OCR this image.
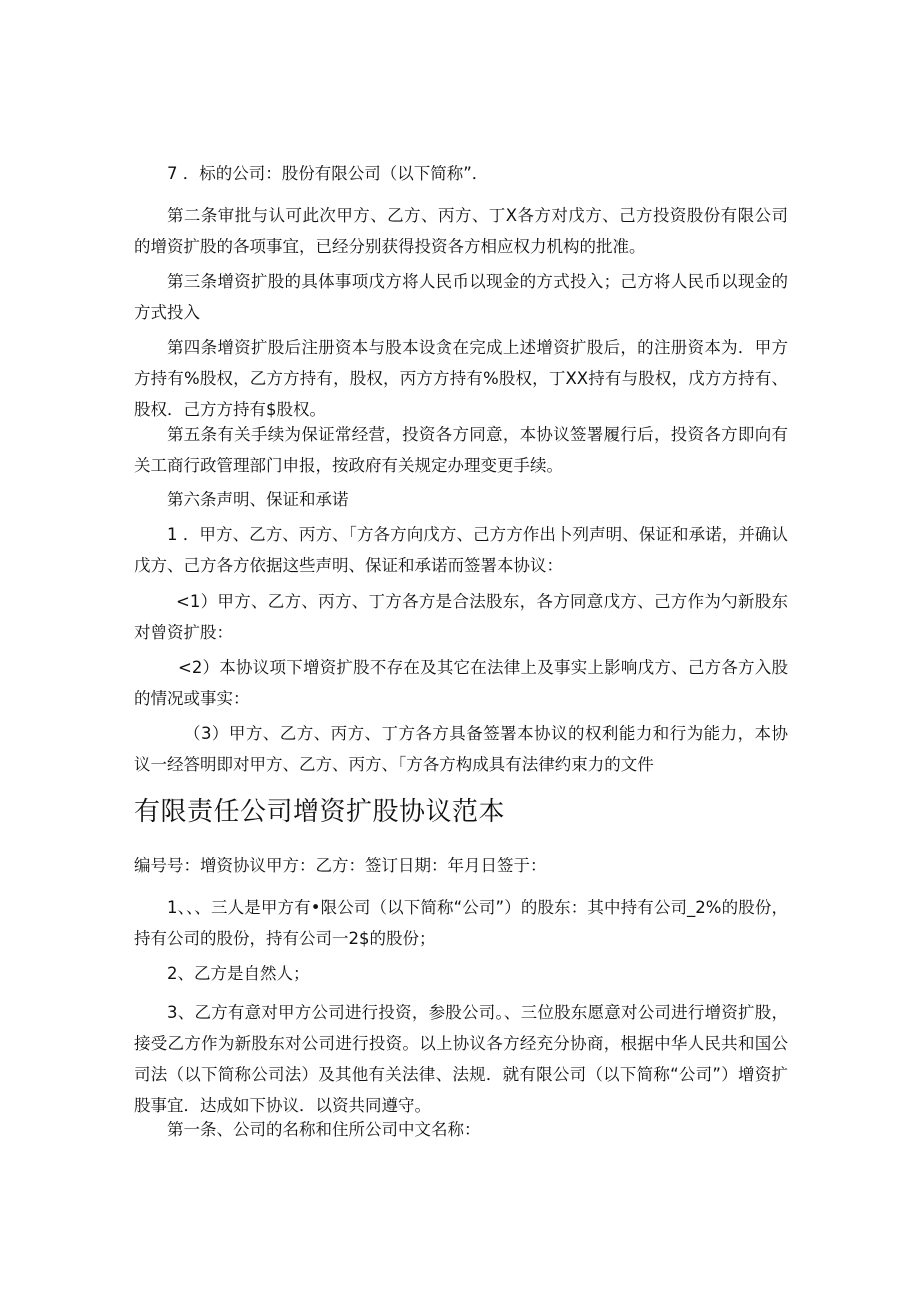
7 ．标的公司：股份有限公司（以下简称”．

第二条审批与认可此次甲方、乙方、丙方、丁X各方对戊方、己方投资股份有限公司的增资扩股的各项事宜，已经分别获得投资各方相应权力机构的批准。

第三条增资扩股的具体事项戊方将人民币以现金的方式投入；己方将人民币以现金的方式投入

第四条增资扩股后注册资本与股本设贪在完成上述增资扩股后，的注册资本为．甲方方持有%股权，乙方方持有，股权，丙方方持有%股权，丁XX持有与股权，戊方方持有、股权．己方方持有$股权。

第五条有关手续为保证常经营，投资各方同意，本协议签署履行后，投资各方即向有关工商行政管理部门申报，按政府有关规定办理变更手续。

第六条声明、保证和承诺

1 ．甲方、乙方、丙方、「方各方向戊方、己方方作出卜列声明、保证和承诺，并确认戊方、己方各方依据这些声明、保证和承诺而签署本协议：

<1）甲方、乙方、丙方、丁方各方是合法股东，各方同意戊方、己方作为勺新股东对曾资扩股：

<2）本协议项下增资扩股不存在及其它在法律上及事实上影响戊方、己方各方入股的情况或事实：

（3）甲方、乙方、丙方、丁方各方具备签署本协议的权利能力和行为能力，本协议一经答明即对甲方、乙方、丙方、「方各方构成具有法律约束力的文件

有限责任公司增资扩股协议范本

编号号：增资协议甲方：乙方：签订日期：年月日签于：

1、、、三人是甲方有•限公司（以下简称“公司”）的股东：其中持有公司_2%的股份，持有公司的股份，持有公司一2$的股份；

2、乙方是自然人；

3、乙方有意对甲方公司进行投资，参股公司。、三位股东愿意对公司进行增资扩股，接受乙方作为新股东对公司进行投资。以上协议各方经充分协商，根据中华人民共和国公司法（以下简称公司法）及其他有关法律、法规．就有限公司（以下简称“公司”）增资扩股事宜．达成如下协议．以资共同遵守。

第一条、公司的名称和住所公司中文名称：
